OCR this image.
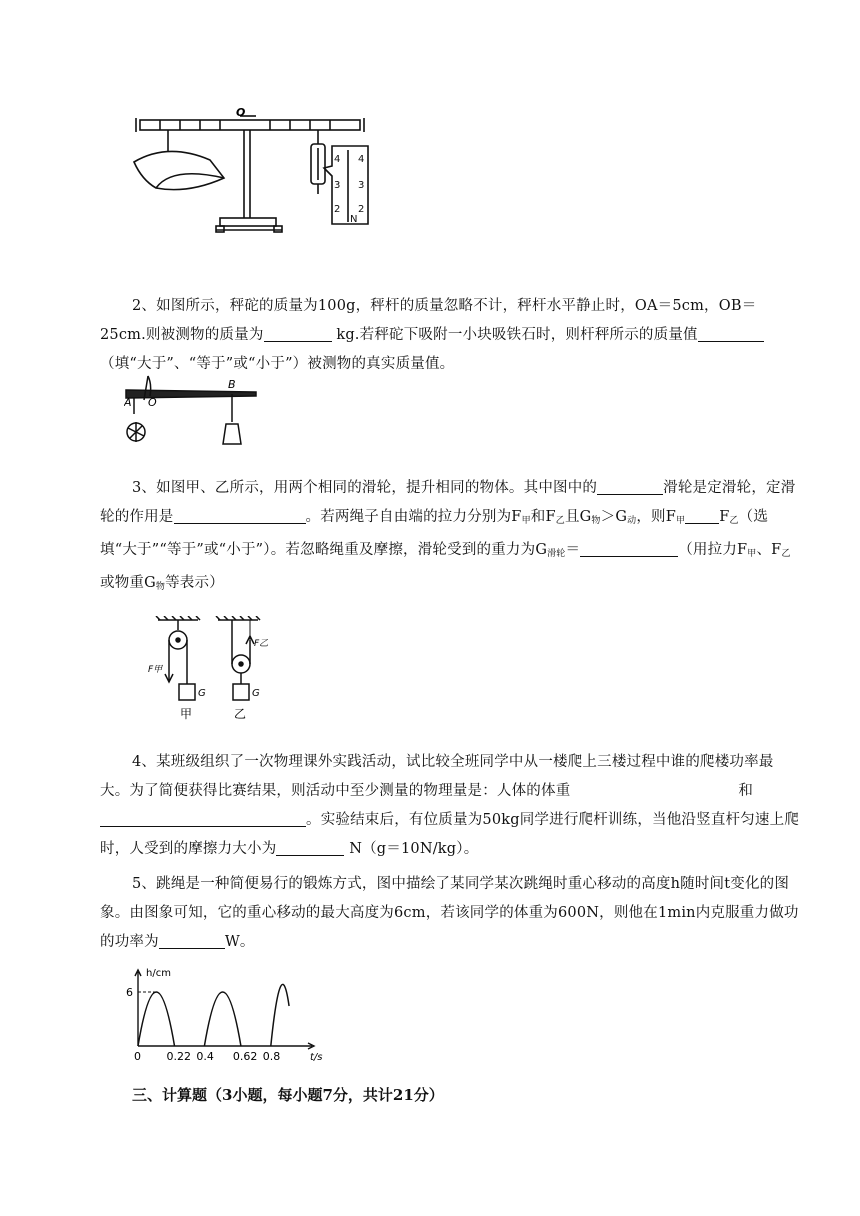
O
4
3
2
N
4
3
2

2、如图所示，秤砣的质量为100g，秤杆的质量忽略不计，秤杆水平静止时，OA＝5cm，OB＝25cm.则被测物的质量为	kg.若秤砣下吸附一小块吸铁石时，则杆秤所示的质量值（填“大于”、“等于”或“小于”）被测物的真实质量值。

A O
B

3、如图甲、乙所示，用两个相同的滑轮，提升相同的物体。其中图中的	滑轮是定滑轮，定滑轮的作用是	。若两绳子自由端的拉力分别为$F_甲$和$F_乙$且$G_物>G_动$，则$F_甲$ $F_乙$（选填“大于”“等于”或“小于”）。若忽略绳重及摩擦，滑轮受到的重力为$G_{滑轮}=$	（用拉力$F_甲$、$F_乙$或物重$G_物$等表示）

F甲
F乙
G	G
甲	乙

4、某班级组织了一次物理课外实践活动，试比较全班同学中从一楼爬上三楼过程中谁的爬楼功率最大。为了简便获得比赛结果，则活动中至少测量的物理量是：人体的体重	和。实验结束后，有位质量为50kg同学进行爬杆训练，当他沿竖直杆匀速上爬时，人受到的摩擦力大小为	N（g＝10N/kg）。

5、跳绳是一种简便易行的锻炼方式，图中描绘了某同学某次跳绳时重心移动的高度h随时间t变化的图象。由图象可知，它的重心移动的最大高度为6cm，若该同学的体重为600N，则他在1min内克服重力做功的功率为	W。

h/cm
t/s
6
0 0.22 0.4 0.62 0.8

三、计算题（3小题，每小题7分，共计21分）
